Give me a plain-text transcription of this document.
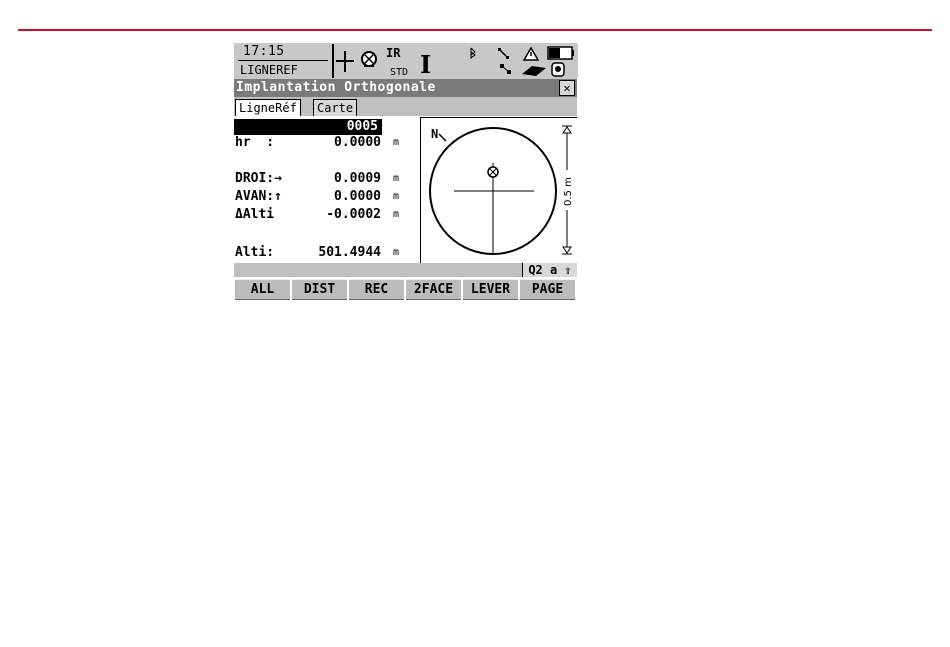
17:15
LIGNEREF
IR
STD I
Implantation Orthogonale	✕
LigneRéf	Carte
0005
hr  :	0.0000 m
DROI:→	0.0009 m
AVAN:↑	0.0000 m
ΔAlti	-0.0002 m
Alti:	501.4944 m
N
0.5 m
Q2 a ⇧
ALL	DIST	REC	2FACE	LEVER	PAGE
